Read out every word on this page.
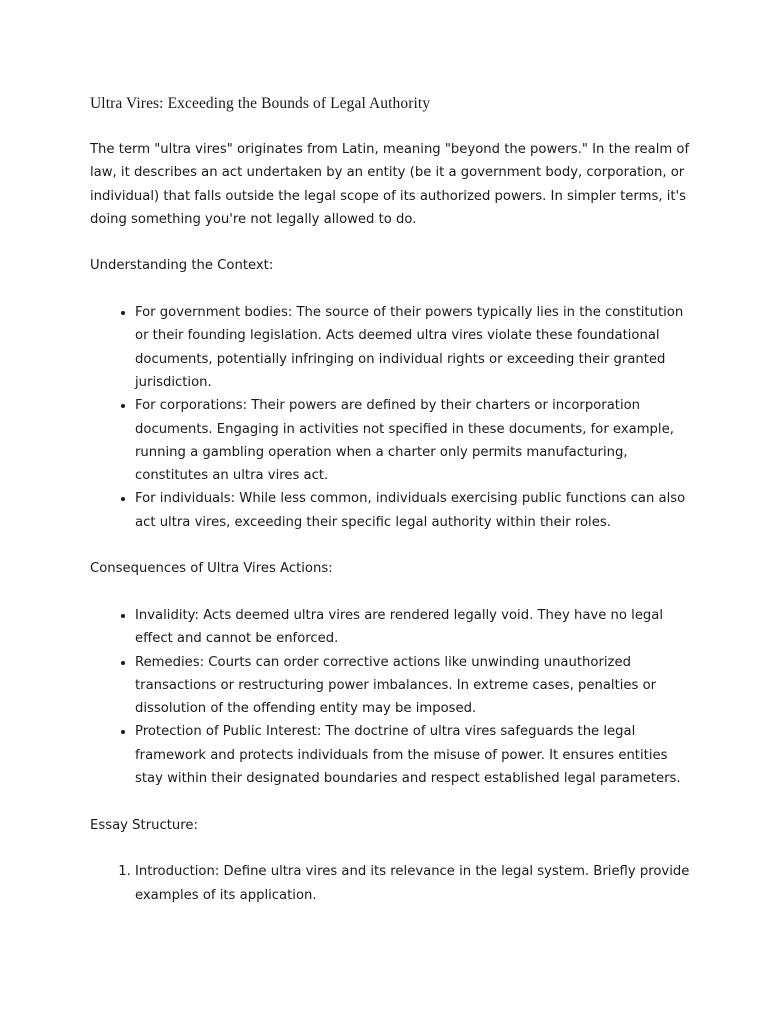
Ultra Vires: Exceeding the Bounds of Legal Authority

The term "ultra vires" originates from Latin, meaning "beyond the powers." In the realm of law, it describes an act undertaken by an entity (be it a government body, corporation, or individual) that falls outside the legal scope of its authorized powers. In simpler terms, it's doing something you're not legally allowed to do.

Understanding the Context:
• For government bodies: The source of their powers typically lies in the constitution or their founding legislation. Acts deemed ultra vires violate these foundational documents, potentially infringing on individual rights or exceeding their granted jurisdiction.
• For corporations: Their powers are defined by their charters or incorporation documents. Engaging in activities not specified in these documents, for example, running a gambling operation when a charter only permits manufacturing, constitutes an ultra vires act.
• For individuals: While less common, individuals exercising public functions can also act ultra vires, exceeding their specific legal authority within their roles.
Consequences of Ultra Vires Actions:
• Invalidity: Acts deemed ultra vires are rendered legally void. They have no legal effect and cannot be enforced.
• Remedies: Courts can order corrective actions like unwinding unauthorized transactions or restructuring power imbalances. In extreme cases, penalties or dissolution of the offending entity may be imposed.
• Protection of Public Interest: The doctrine of ultra vires safeguards the legal framework and protects individuals from the misuse of power. It ensures entities stay within their designated boundaries and respect established legal parameters.
Essay Structure:
1. Introduction: Define ultra vires and its relevance in the legal system. Briefly provide examples of its application.
